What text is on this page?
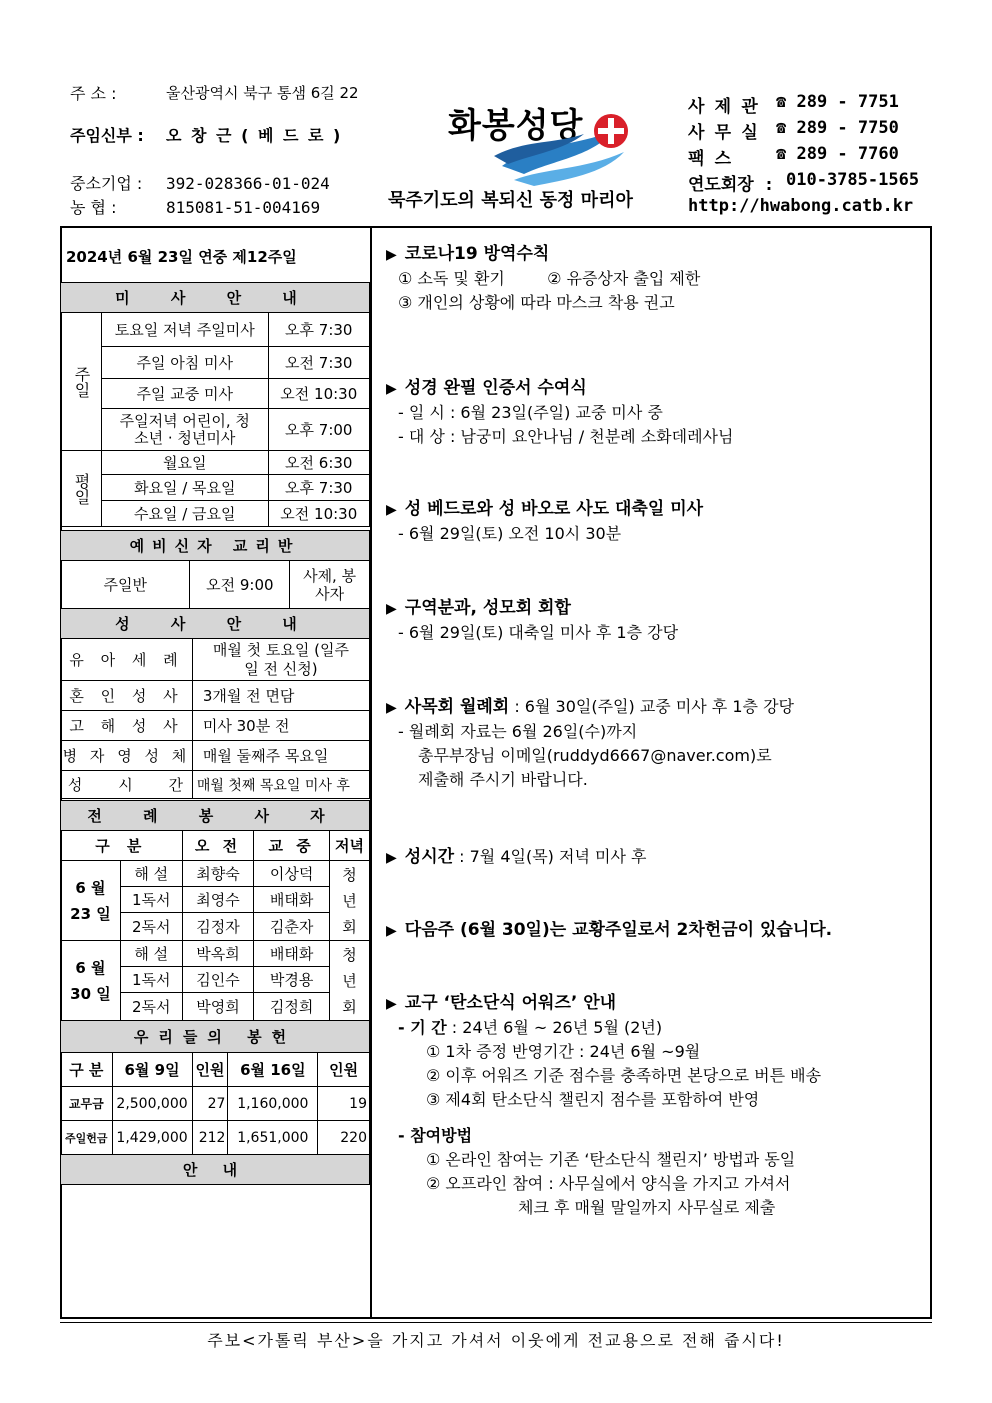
주 소 :	울산광역시 북구 통샘 6길 22
주임신부 : 오 창 근 ( 베 드 로 )
중소기업 : 392-028366-01-024
농 협 :	815081-51-004169
화봉성당
묵주기도의 복되신 동정 마리아
사 제 관 ☎ 289 - 7751
사 무 실 ☎ 289 - 7750
팩 스	☎ 289 - 7760
연도회장 : 010-3785-1565
http://hwabong.catb.kr
2024년 6월 23일 연중 제12주일
미 사 안 내		
주일	토요일 저녁 주일미사	오후 7:30
	주일 아침 미사	오전 7:30
	주일 교중 미사	오전 10:30
	주일저녁 어린이, 청소년 · 청년미사	오후 7:00
평일	월요일	오전 6:30
	화요일 / 목요일	오후 7:30
	수요일 / 금요일	오전 10:30
예비신자 교리반
주일반	오전 9:00	사제, 봉사자
성 사 안 내	
유 아 세 례	매월 첫 토요일 (일주일 전 신청)
혼 인 성 사	3개월 전 면담
고 해 성 사	미사 30분 전
병 자 영 성 체	매월 둘째주 목요일
성     시     간	매월 첫째 목요일 미사 후
전 례 봉 사 자				
구 분		오 전	교 중	저녁
6 월 23 일	해 설	최향숙	이상덕	청 년 회
	1독서	최영수	배태화	
	2독서	김정자	김춘자	
6 월 30 일	해 설	박옥희	배태화	청 년 회
	1독서	김인수	박경용	
	2독서	박영희	김정희	
우리들의 봉헌				
구 분	6월 9일	인원	6월 16일	인원
교무금	2,500,000	27	1,160,000	19
주일헌금	1,429,000	212	1,651,000	220
안 내				
▶ 코로나19 방역수칙
① 소독 및 환기	② 유증상자 출입 제한
③ 개인의 상황에 따라 마스크 착용 권고
▶ 성경 완필 인증서 수여식
- 일 시 : 6월 23일(주일) 교중 미사 중
- 대 상 : 남궁미 요안나님 / 천분례 소화데레사님
▶ 성 베드로와 성 바오로 사도 대축일 미사
- 6월 29일(토) 오전 10시 30분
▶ 구역분과, 성모회 회합
- 6월 29일(토) 대축일 미사 후 1층 강당
▶ 사목회 월례회 : 6월 30일(주일) 교중 미사 후 1층 강당
- 월례회 자료는 6월 26일(수)까지
총무부장님 이메일(ruddyd6667@naver.com)로
제출해 주시기 바랍니다.
▶ 성시간 : 7월 4일(목) 저녁 미사 후
▶ 다음주 (6월 30일)는 교황주일로서 2차헌금이 있습니다.
▶ 교구 ‘탄소단식 어워즈’ 안내
- 기 간 : 24년 6월 ~ 26년 5월 (2년)
① 1차 증정 반영기간 : 24년 6월 ~9월
② 이후 어워즈 기준 점수를 충족하면 본당으로 버튼 배송
③ 제4회 탄소단식 챌린지 점수를 포함하여 반영
- 참여방법
① 온라인 참여는 기존 ‘탄소단식 챌린지’ 방법과 동일
② 오프라인 참여 : 사무실에서 양식을 가지고 가셔서
체크 후 매월 말일까지 사무실로 제출
주보<가톨릭 부산>을 가지고 가셔서 이웃에게 전교용으로 전해 줍시다!
